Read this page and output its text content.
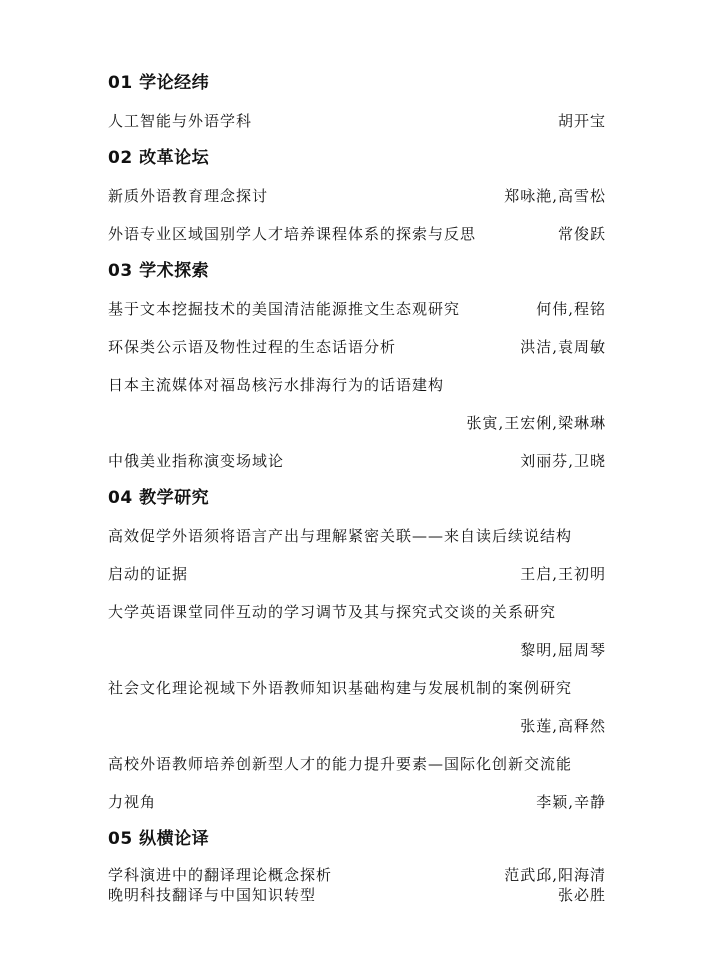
01 学论经纬
人工智能与外语学科	胡开宝
02 改革论坛
新质外语教育理念探讨	郑咏滟,高雪松
外语专业区域国别学人才培养课程体系的探索与反思	常俊跃
03 学术探索
基于文本挖掘技术的美国清洁能源推文生态观研究	何伟,程铭
环保类公示语及物性过程的生态话语分析	洪洁,袁周敏
日本主流媒体对福岛核污水排海行为的话语建构
张寅,王宏俐,梁琳琳
中俄美业指称演变场域论	刘丽芬,卫晓
04 教学研究
高效促学外语须将语言产出与理解紧密关联——来自读后续说结构
启动的证据	王启,王初明
大学英语课堂同伴互动的学习调节及其与探究式交谈的关系研究
黎明,屈周琴
社会文化理论视域下外语教师知识基础构建与发展机制的案例研究
张莲,高释然
高校外语教师培养创新型人才的能力提升要素—国际化创新交流能
力视角	李颖,辛静
05 纵横论译
学科演进中的翻译理论概念探析	范武邱,阳海清
晚明科技翻译与中国知识转型	张必胜
